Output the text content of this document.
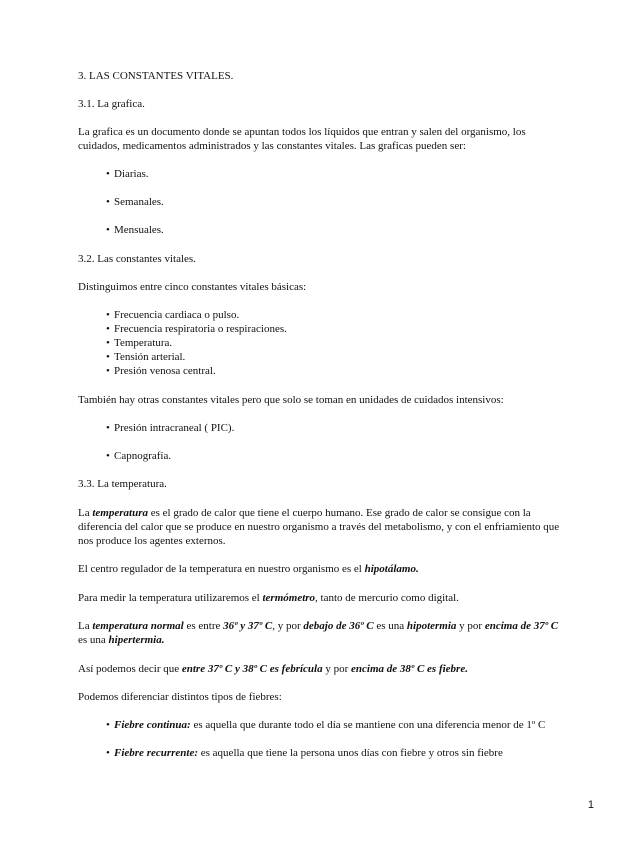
3. LAS CONSTANTES VITALES.
3.1. La grafica.
La grafica es un documento donde se apuntan todos los líquidos que entran y salen del organismo, los
cuidados, medicamentos administrados y las constantes vitales. Las graficas pueden ser:
• Diarias.
• Semanales.
• Mensuales.
3.2. Las constantes vitales.
Distinguimos entre cinco constantes vitales básicas:
• Frecuencia cardiaca o pulso.
• Frecuencia respiratoria o respiraciones.
• Temperatura.
• Tensión arterial.
• Presión venosa central.
También hay otras constantes vitales pero que solo se toman en unidades de cuidados intensivos:
• Presión intracraneal ( PIC).
• Capnografía.
3.3. La temperatura.
La temperatura es el grado de calor que tiene el cuerpo humano. Ese grado de calor se consigue con la
diferencia del calor que se produce en nuestro organismo a través del metabolismo, y con el enfriamiento que
nos produce los agentes externos.
El centro regulador de la temperatura en nuestro organismo es el hipotálamo.
Para medir la temperatura utilizaremos el termómetro, tanto de mercurio como digital.
La temperatura normal es entre 36º y 37º C, y por debajo de 36º C es una hipotermia y por encima de 37º C
es una hipertermia.
Así podemos decir que entre 37º C y 38º C es febrícula y por encima de 38º C es fiebre.
Podemos diferenciar distintos tipos de fiebres:
• Fiebre continua: es aquella que durante todo el día se mantiene con una diferencia menor de 1º C
• Fiebre recurrente: es aquella que tiene la persona unos días con fiebre y otros sin fiebre
1
